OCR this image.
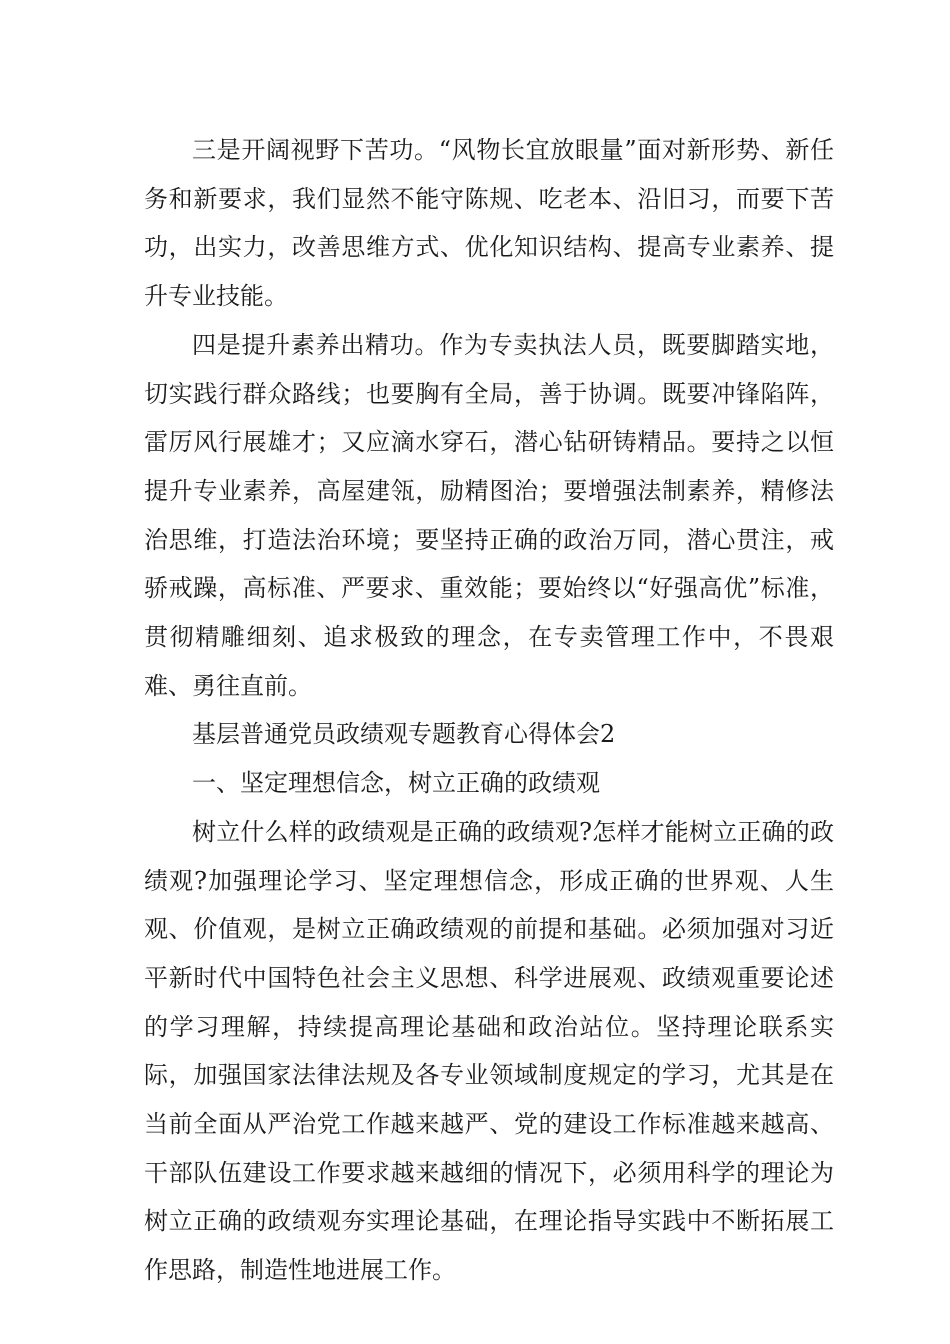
三是开阔视野下苦功。“风物长宜放眼量”面对新形势、新任务和新要求，我们显然不能守陈规、吃老本、沿旧习，而要下苦功，出实力，改善思维方式、优化知识结构、提高专业素养、提升专业技能。

四是提升素养出精功。作为专卖执法人员，既要脚踏实地，切实践行群众路线；也要胸有全局，善于协调。既要冲锋陷阵，雷厉风行展雄才；又应滴水穿石，潜心钻研铸精品。要持之以恒提升专业素养，高屋建瓴，励精图治；要增强法制素养，精修法治思维，打造法治环境；要坚持正确的政治万同，潜心贯注，戒骄戒躁，高标准、严要求、重效能；要始终以“好强高优”标准，贯彻精雕细刻、追求极致的理念，在专卖管理工作中，不畏艰难、勇往直前。

基层普通党员政绩观专题教育心得体会2

一、坚定理想信念，树立正确的政绩观

树立什么样的政绩观是正确的政绩观?怎样才能树立正确的政绩观?加强理论学习、坚定理想信念，形成正确的世界观、人生观、价值观，是树立正确政绩观的前提和基础。必须加强对习近平新时代中国特色社会主义思想、科学进展观、政绩观重要论述的学习理解，持续提高理论基础和政治站位。坚持理论联系实际，加强国家法律法规及各专业领域制度规定的学习，尤其是在当前全面从严治党工作越来越严、党的建设工作标准越来越高、干部队伍建设工作要求越来越细的情况下，必须用科学的理论为树立正确的政绩观夯实理论基础，在理论指导实践中不断拓展工作思路，制造性地进展工作。
